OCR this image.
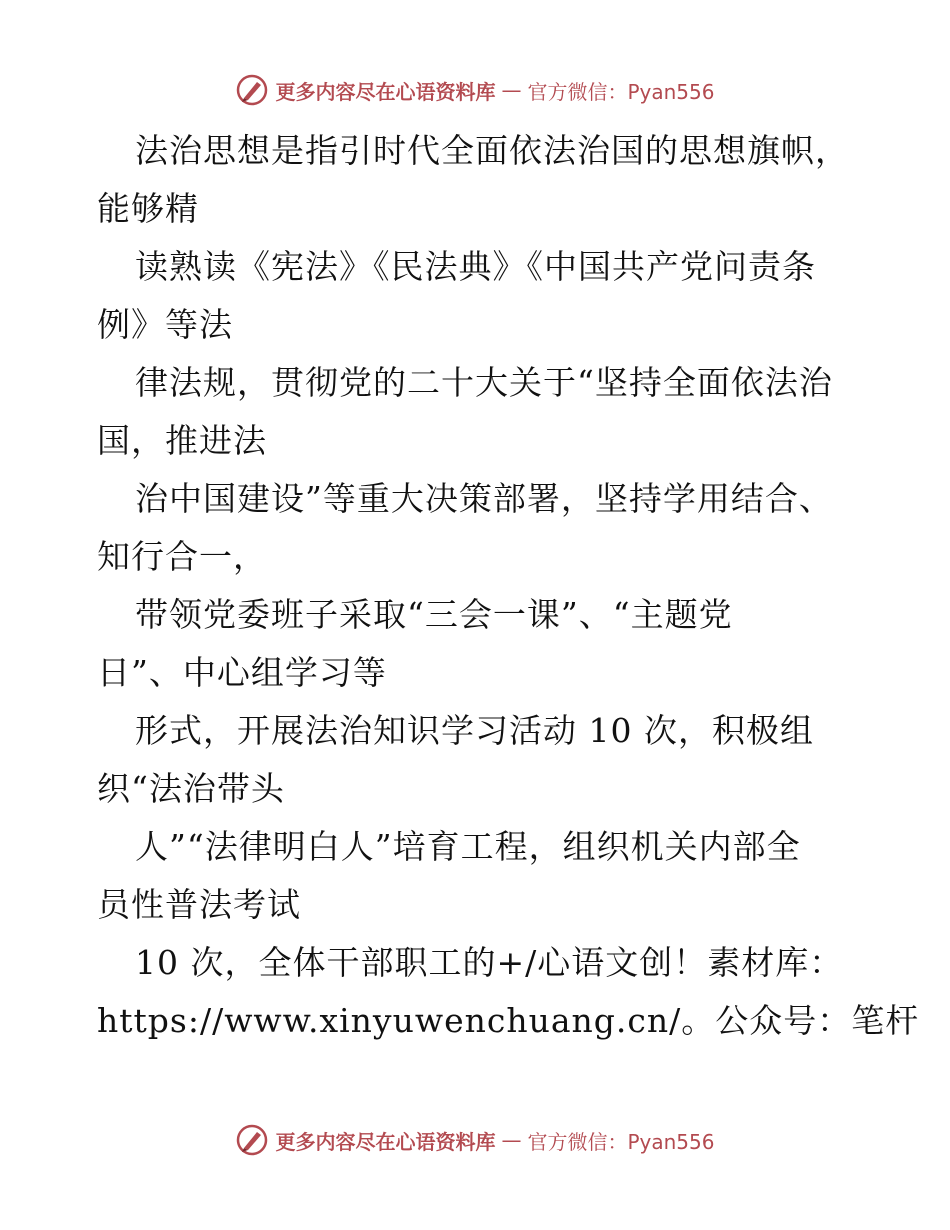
更多内容尽在心语资料库 — 官方微信：Pyan556
法治思想是指引时代全面依法治国的思想旗帜，
能够精
读熟读《宪法》《民法典》《中国共产党问责条
例》等法
律法规，贯彻党的二十大关于“坚持全面依法治
国，推进法
治中国建设”等重大决策部署，坚持学用结合、
知行合一，
带领党委班子采取“三会一课”、“主题党
日”、中心组学习等
形式，开展法治知识学习活动 10 次，积极组
织“法治带头
人”“法律明白人”培育工程，组织机关内部全
员性普法考试
10 次，全体干部职工的+/心语文创！素材库：
https://www.xinyuwenchuang.cn/。公众号：笔杆
更多内容尽在心语资料库 — 官方微信：Pyan556
